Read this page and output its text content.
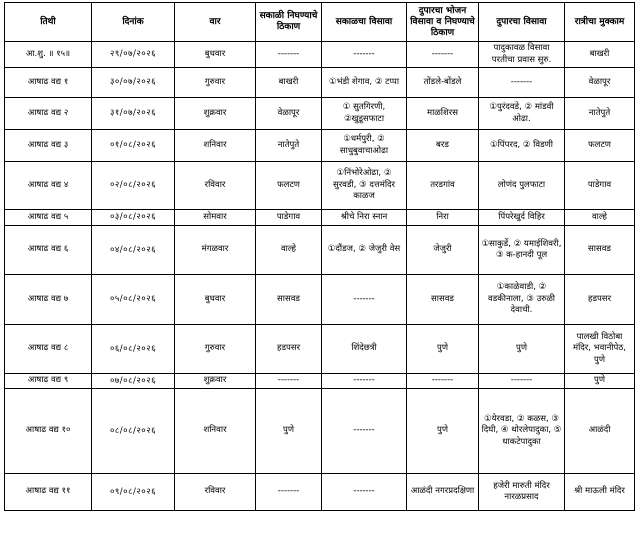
तिथी	दिनांक	वार	सकाळी निघण्याचे ठिकाण	सकाळचा विसावा	दुपारचा भोजन विसावा व निघण्याचे ठिकाण	दुपारचा विसावा	रात्रीचा मुक्काम
आ.शु. ॥ १५॥	२९/०७/२०२६	बुधवार	-------	-------	-------	पादुकावळ विसावा परतीचा प्रवास सुरु.	बाखरी
आषाढ वद्य १	३०/०७/२०२६	गुरुवार	बाखरी	①भंडी शेगाव, ② टप्पा	तोंडले-बोंडले	-------	वेळापूर
आषाढ वद्य २	३१/०७/२०२६	शुक्रवार	वेळापूर	① सुतगिरणी, ②खुडूसफाटा	माळशिरस	①पुरंदवडे, ② मांडवी ओढा.	नातेपुते
आषाढ वद्य ३	०१/०८/२०२६	शनिवार	नातेपुते	①धर्मपुरी, ② साधुबुवाचाओढा	बरड	①पिंपरद, ② विडणी	फलटण
आषाढ वद्य ४	०२/०८/२०२६	रविवार	फलटण	①निंभोरेओढा, ② सुरवडी, ③ दत्तमंदिर काळज	तरडगांव	लोणंद पुलफाटा	पाडेगाव
आषाढ वद्य ५	०३/०८/२०२६	सोमवार	पाडेगाव	श्रीचे निरा स्नान	निरा	पिंपरेखुर्द विहिर	वाल्हे
आषाढ वद्य ६	०४/०८/२०२६	मंगळवार	वाल्हे	①दौंडज, ② जेजुरी वेस	जेजुरी	①साकुर्डे, ② यमाईशिवरी, ③ क-हानदी पूल	सासवड
आषाढ वद्य ७	०५/०८/२०२६	बुधवार	सासवड	-------	सासवड	①काळेवाडी, ② वडकीनाला, ③ उरुळी देवाची.	हडपसर
आषाढ वद्य ८	०६/०८/२०२६	गुरुवार	हडपसर	शिंदेछत्री	पुणे	पुणे	पालखी विठोबा मंदिर, भवानीपेठ, पुणे
आषाढ वद्य ९	०७/०८/२०२६	शुक्रवार	-------	-------	-------	-------	पुणे
आषाढ वद्य १०	०८/०८/२०२६	शनिवार	पुणे	-------	पुणे	①येरवडा, ② कळस, ③ दिघी, ④ थोरलेपादुका, ⑤ धाकटेपादुका	आळंदी
आषाढ वद्य ११	०९/०८/२०२६	रविवार	-------	-------	आळंदी नगरप्रदक्षिणा	हजेरी मारुती मंदिर नारळप्रसाद	श्री माऊली मंदिर
